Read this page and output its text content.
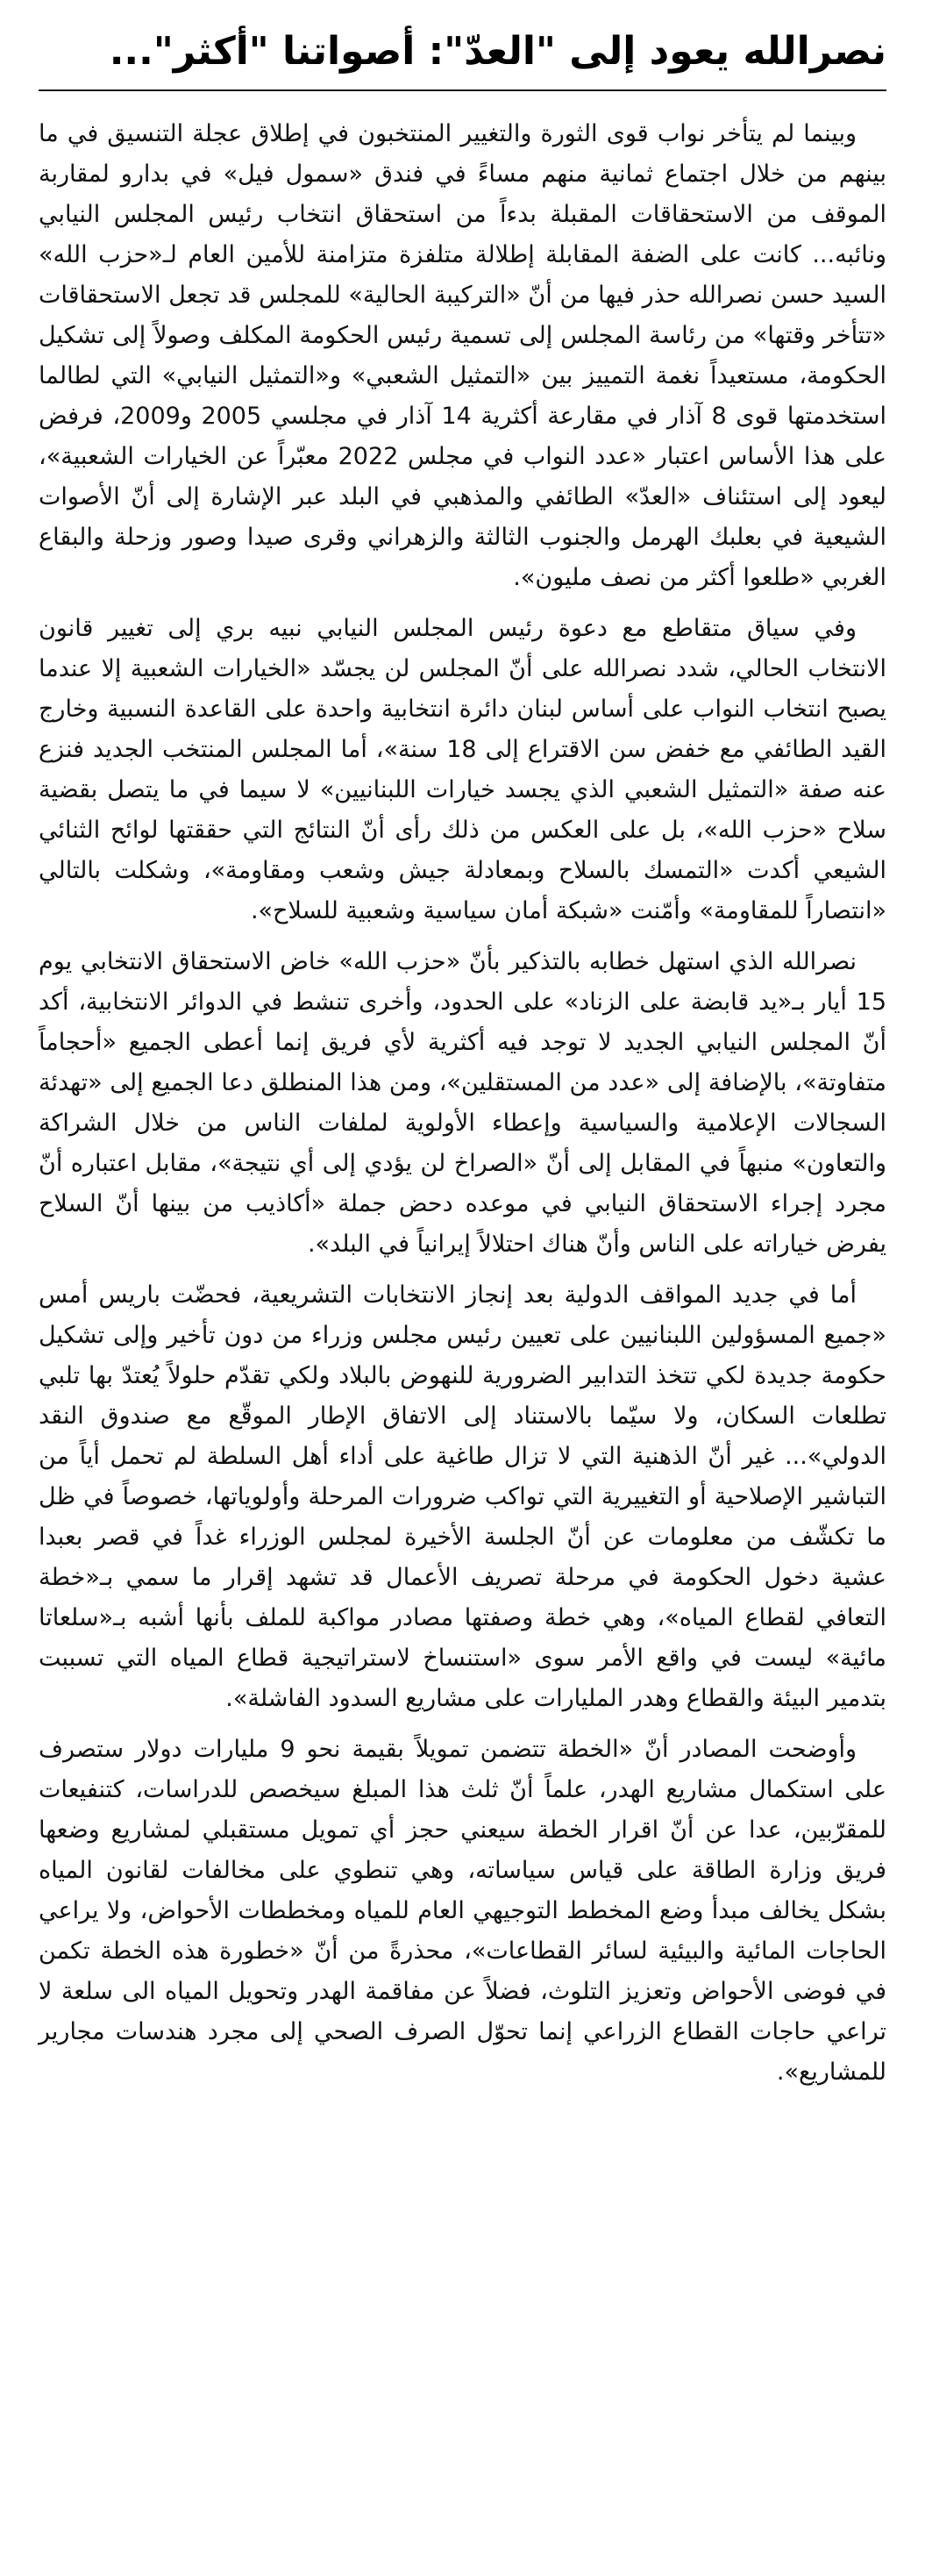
نصرالله يعود إلى "العدّ": أصواتنا "أكثر"...

وبينما لم يتأخر نواب قوى الثورة والتغيير المنتخبون في إطلاق عجلة التنسيق في ما بينهم من خلال اجتماع ثمانية منهم مساءً في فندق «سمول فيل» في بدارو لمقاربة الموقف من الاستحقاقات المقبلة بدءاً من استحقاق انتخاب رئيس المجلس النيابي ونائبه... كانت على الضفة المقابلة إطلالة متلفزة متزامنة للأمين العام لـ«حزب الله» السيد حسن نصرالله حذر فيها من أنّ «التركيبة الحالية» للمجلس قد تجعل الاستحقاقات «تتأخر وقتها» من رئاسة المجلس إلى تسمية رئيس الحكومة المكلف وصولاً إلى تشكيل الحكومة، مستعيداً نغمة التمييز بين «التمثيل الشعبي» و«التمثيل النيابي» التي لطالما استخدمتها قوى 8 آذار في مقارعة أكثرية 14 آذار في مجلسي 2005 و2009، فرفض على هذا الأساس اعتبار «عدد النواب في مجلس 2022 معبّراً عن الخيارات الشعبية»، ليعود إلى استئناف «العدّ» الطائفي والمذهبي في البلد عبر الإشارة إلى أنّ الأصوات الشيعية في بعلبك الهرمل والجنوب الثالثة والزهراني وقرى صيدا وصور وزحلة والبقاع الغربي «طلعوا أكثر من نصف مليون».

وفي سياق متقاطع مع دعوة رئيس المجلس النيابي نبيه بري إلى تغيير قانون الانتخاب الحالي، شدد نصرالله على أنّ المجلس لن يجسّد «الخيارات الشعبية إلا عندما يصبح انتخاب النواب على أساس لبنان دائرة انتخابية واحدة على القاعدة النسبية وخارج القيد الطائفي مع خفض سن الاقتراع إلى 18 سنة»، أما المجلس المنتخب الجديد فنزع عنه صفة «التمثيل الشعبي الذي يجسد خيارات اللبنانيين» لا سيما في ما يتصل بقضية سلاح «حزب الله»، بل على العكس من ذلك رأى أنّ النتائج التي حققتها لوائح الثنائي الشيعي أكدت «التمسك بالسلاح وبمعادلة جيش وشعب ومقاومة»، وشكلت بالتالي «انتصاراً للمقاومة» وأمّنت «شبكة أمان سياسية وشعبية للسلاح».

نصرالله الذي استهل خطابه بالتذكير بأنّ «حزب الله» خاض الاستحقاق الانتخابي يوم 15 أيار بـ«يد قابضة على الزناد» على الحدود، وأخرى تنشط في الدوائر الانتخابية، أكد أنّ المجلس النيابي الجديد لا توجد فيه أكثرية لأي فريق إنما أعطى الجميع «أحجاماً متفاوتة»، بالإضافة إلى «عدد من المستقلين»، ومن هذا المنطلق دعا الجميع إلى «تهدئة السجالات الإعلامية والسياسية وإعطاء الأولوية لملفات الناس من خلال الشراكة والتعاون» منبهاً في المقابل إلى أنّ «الصراخ لن يؤدي إلى أي نتيجة»، مقابل اعتباره أنّ مجرد إجراء الاستحقاق النيابي في موعده دحض جملة «أكاذيب من بينها أنّ السلاح يفرض خياراته على الناس وأنّ هناك احتلالاً إيرانياً في البلد».

أما في جديد المواقف الدولية بعد إنجاز الانتخابات التشريعية، فحضّت باريس أمس «جميع المسؤولين اللبنانيين على تعيين رئيس مجلس وزراء من دون تأخير وإلى تشكيل حكومة جديدة لكي تتخذ التدابير الضرورية للنهوض بالبلاد ولكي تقدّم حلولاً يُعتدّ بها تلبي تطلعات السكان، ولا سيّما بالاستناد إلى الاتفاق الإطار الموقّع مع صندوق النقد الدولي»... غير أنّ الذهنية التي لا تزال طاغية على أداء أهل السلطة لم تحمل أياً من التباشير الإصلاحية أو التغييرية التي تواكب ضرورات المرحلة وأولوياتها، خصوصاً في ظل ما تكشّف من معلومات عن أنّ الجلسة الأخيرة لمجلس الوزراء غداً في قصر بعبدا عشية دخول الحكومة في مرحلة تصريف الأعمال قد تشهد إقرار ما سمي بـ«خطة التعافي لقطاع المياه»، وهي خطة وصفتها مصادر مواكبة للملف بأنها أشبه بـ«سلعاتا مائية» ليست في واقع الأمر سوى «استنساخ لاستراتيجية قطاع المياه التي تسببت بتدمير البيئة والقطاع وهدر المليارات على مشاريع السدود الفاشلة».

وأوضحت المصادر أنّ «الخطة تتضمن تمويلاً بقيمة نحو 9 مليارات دولار ستصرف على استكمال مشاريع الهدر، علماً أنّ ثلث هذا المبلغ سيخصص للدراسات، كتنفيعات للمقرّبين، عدا عن أنّ اقرار الخطة سيعني حجز أي تمويل مستقبلي لمشاريع وضعها فريق وزارة الطاقة على قياس سياساته، وهي تنطوي على مخالفات لقانون المياه بشكل يخالف مبدأ وضع المخطط التوجيهي العام للمياه ومخططات الأحواض، ولا يراعي الحاجات المائية والبيئية لسائر القطاعات»، محذرةً من أنّ «خطورة هذه الخطة تكمن في فوضى الأحواض وتعزيز التلوث، فضلاً عن مفاقمة الهدر وتحويل المياه الى سلعة لا تراعي حاجات القطاع الزراعي إنما تحوّل الصرف الصحي إلى مجرد هندسات مجارير للمشاريع».
